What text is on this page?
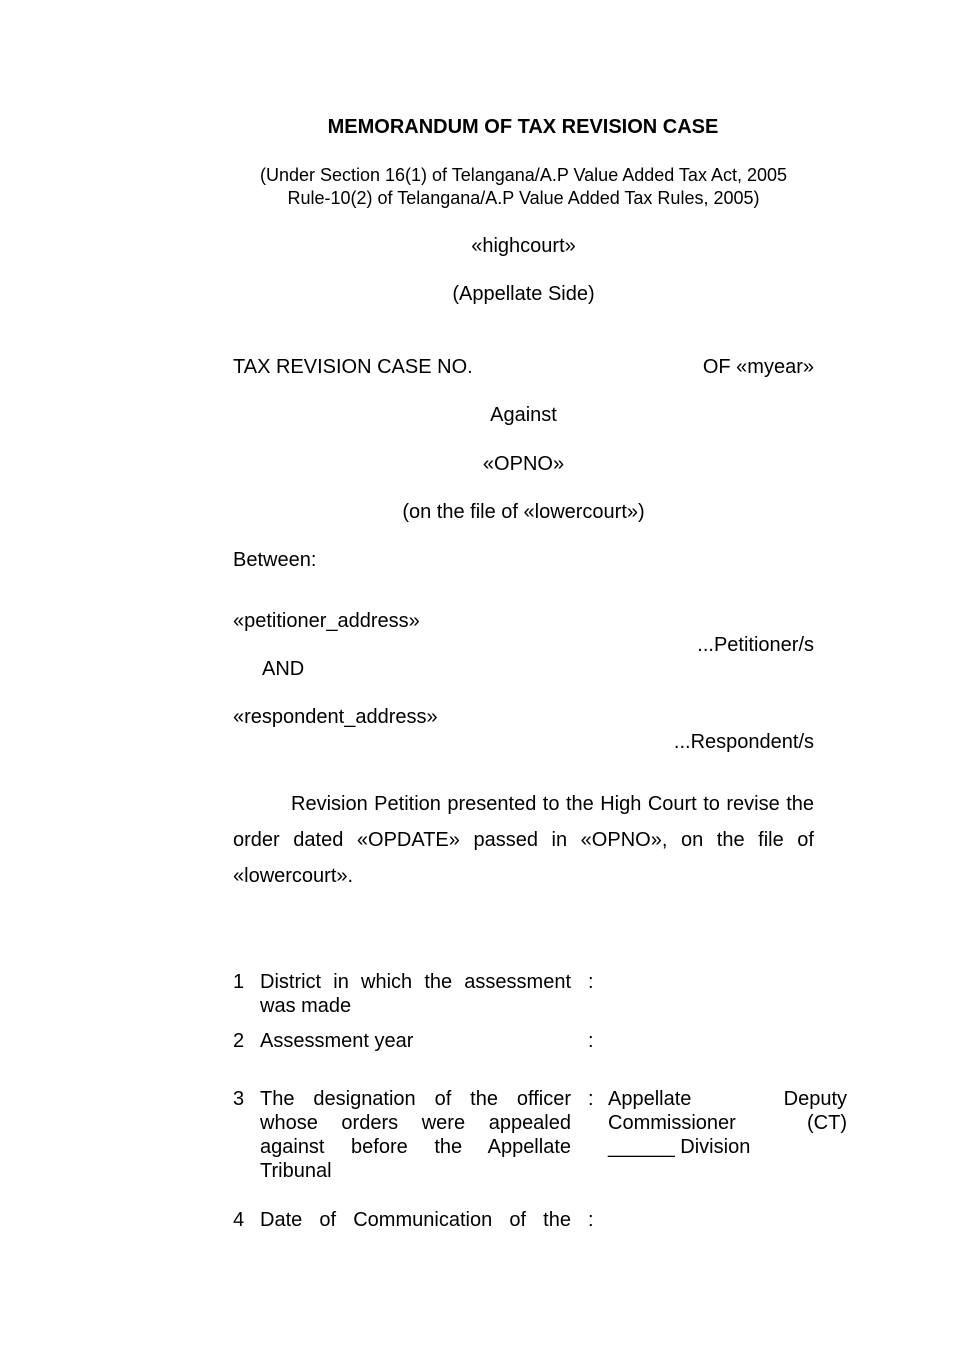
MEMORANDUM OF TAX REVISION CASE
(Under Section 16(1) of Telangana/A.P Value Added Tax Act, 2005
Rule-10(2) of Telangana/A.P Value Added Tax Rules, 2005)
«highcourt»
(Appellate Side)
TAX REVISION CASE NO.	OF «myear»
Against
«OPNO»
(on the file of «lowercourt»)
Between:
«petitioner_address»
...Petitioner/s
AND
«respondent_address»
...Respondent/s
Revision Petition presented to the High Court to revise the order dated «OPDATE» passed in «OPNO», on the file of «lowercourt».
1 District in which the assessment
was made
:
2 Assessment year	:
3 The designation of the officer
whose orders were appealed
against before the Appellate
Tribunal
: Appellate Deputy
Commissioner (CT)
______ Division
4 Date of Communication of the :
